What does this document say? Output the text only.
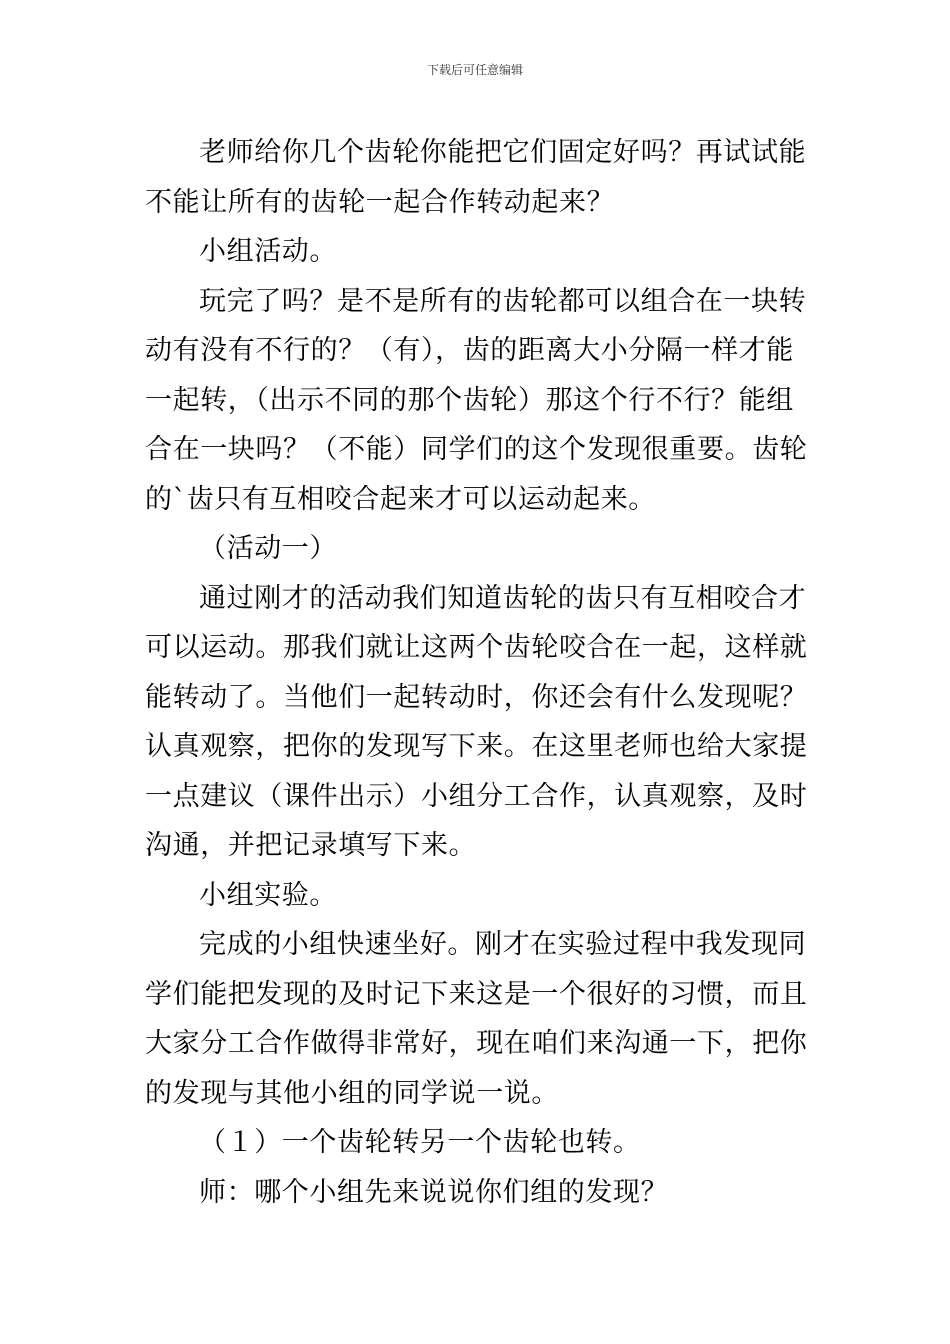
下载后可任意编辑

老师给你几个齿轮你能把它们固定好吗？再试试能不能让所有的齿轮一起合作转动起来？

小组活动。

玩完了吗？是不是所有的齿轮都可以组合在一块转动有没有不行的？（有），齿的距离大小分隔一样才能一起转，（出示不同的那个齿轮）那这个行不行？能组合在一块吗？（不能）同学们的这个发现很重要。齿轮的`齿只有互相咬合起来才可以运动起来。

（活动一）

通过刚才的活动我们知道齿轮的齿只有互相咬合才可以运动。那我们就让这两个齿轮咬合在一起，这样就能转动了。当他们一起转动时，你还会有什么发现呢？认真观察，把你的发现写下来。在这里老师也给大家提一点建议（课件出示）小组分工合作，认真观察，及时沟通，并把记录填写下来。

小组实验。

完成的小组快速坐好。刚才在实验过程中我发现同学们能把发现的及时记下来这是一个很好的习惯，而且大家分工合作做得非常好，现在咱们来沟通一下，把你的发现与其他小组的同学说一说。

（１）一个齿轮转另一个齿轮也转。

师：哪个小组先来说说你们组的发现？
